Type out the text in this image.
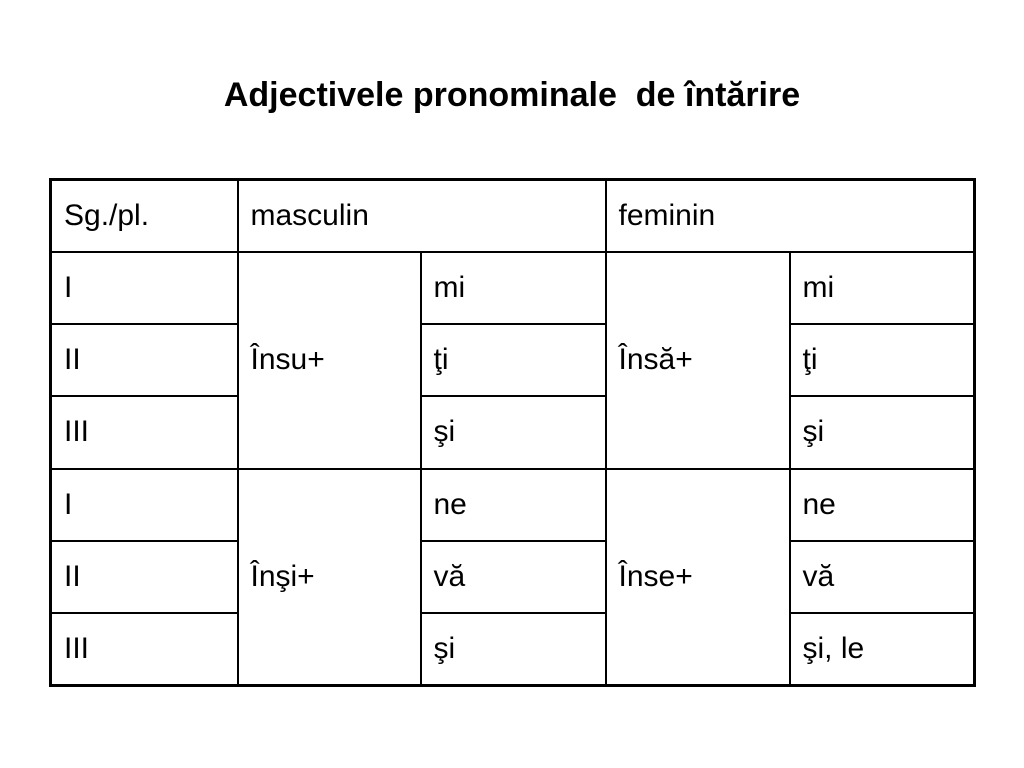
Adjectivele pronominale  de întărire
Sg./pl.	masculin		feminin	
I	Însu+	mi	Însă+	mi
II		ţi		ţi
III		şi		şi
I	Înşi+	ne	Înse+	ne
II		vă		vă
III		şi		şi, le
